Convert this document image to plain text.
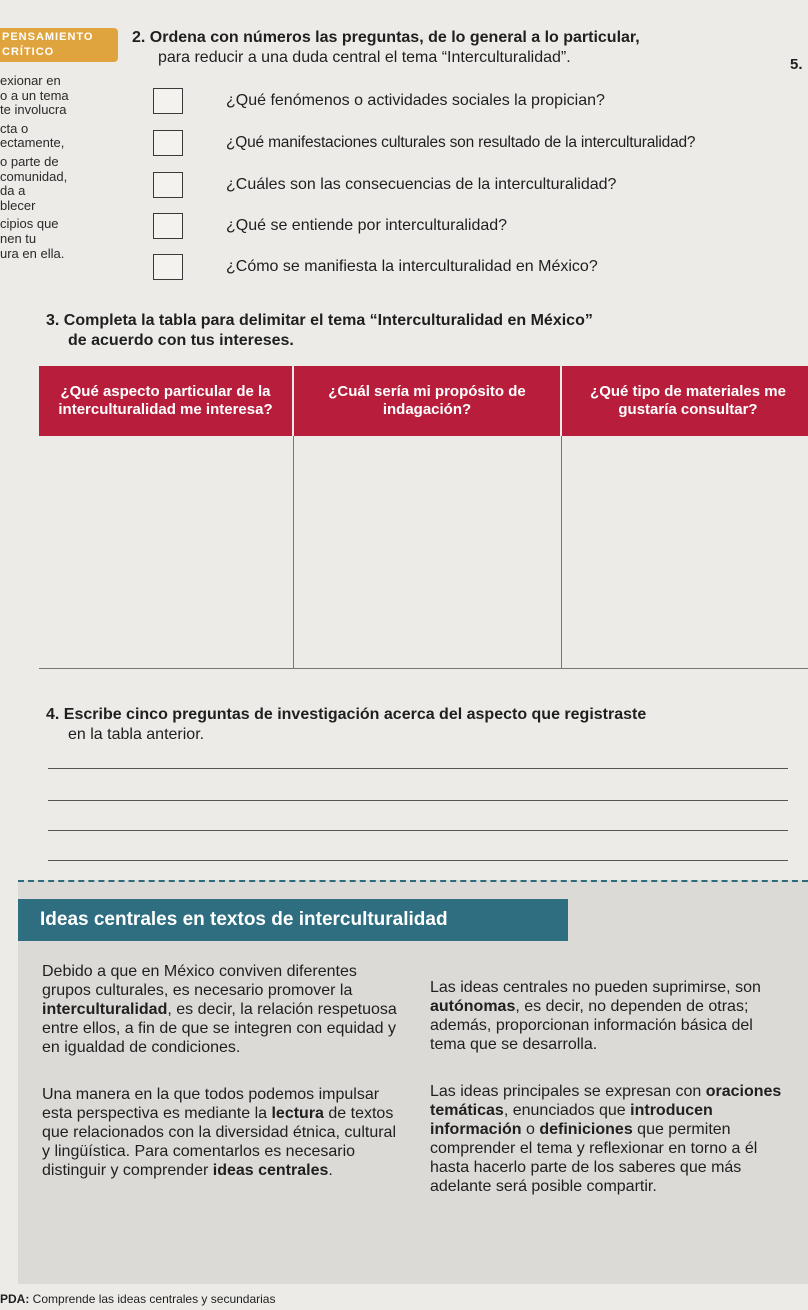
PENSAMIENTO
CRÍTICO
exionar en
o a un tema
te involucra
cta o
ectamente,
o parte de
comunidad,
da a
blecer
cipios que
nen tu
ura en ella.
2. Ordena con números las preguntas, de lo general a lo particular,
para reducir a una duda central el tema “Interculturalidad”.	5.
¿Qué fenómenos o actividades sociales la propician?
¿Qué manifestaciones culturales son resultado de la interculturalidad?
¿Cuáles son las consecuencias de la interculturalidad?
¿Qué se entiende por interculturalidad?
¿Cómo se manifiesta la interculturalidad en México?
3. Completa la tabla para delimitar el tema “Interculturalidad en México”
de acuerdo con tus intereses.
¿Qué aspecto particular de la interculturalidad me interesa?	¿Cuál sería mi propósito de indagación?	¿Qué tipo de materiales me gustaría consultar?

4. Escribe cinco preguntas de investigación acerca del aspecto que registraste
en la tabla anterior.
Ideas centrales en textos de interculturalidad

Debido a que en México conviven diferentes grupos culturales, es necesario promover la interculturalidad, es decir, la relación respetuosa entre ellos, a fin de que se integren con equidad y en igualdad de condiciones.

Una manera en la que todos podemos impulsar esta perspectiva es mediante la lectura de textos que relacionados con la diversidad étnica, cultural y lingüística. Para comentarlos es necesario distinguir y comprender ideas centrales.

Las ideas centrales no pueden suprimirse, son autónomas, es decir, no dependen de otras; además, proporcionan información básica del tema que se desarrolla.

Las ideas principales se expresan con oraciones temáticas, enunciados que introducen información o definiciones que permiten comprender el tema y reflexionar en torno a él hasta hacerlo parte de los saberes que más adelante será posible compartir.

PDA: Comprende las ideas centrales y secundarias
